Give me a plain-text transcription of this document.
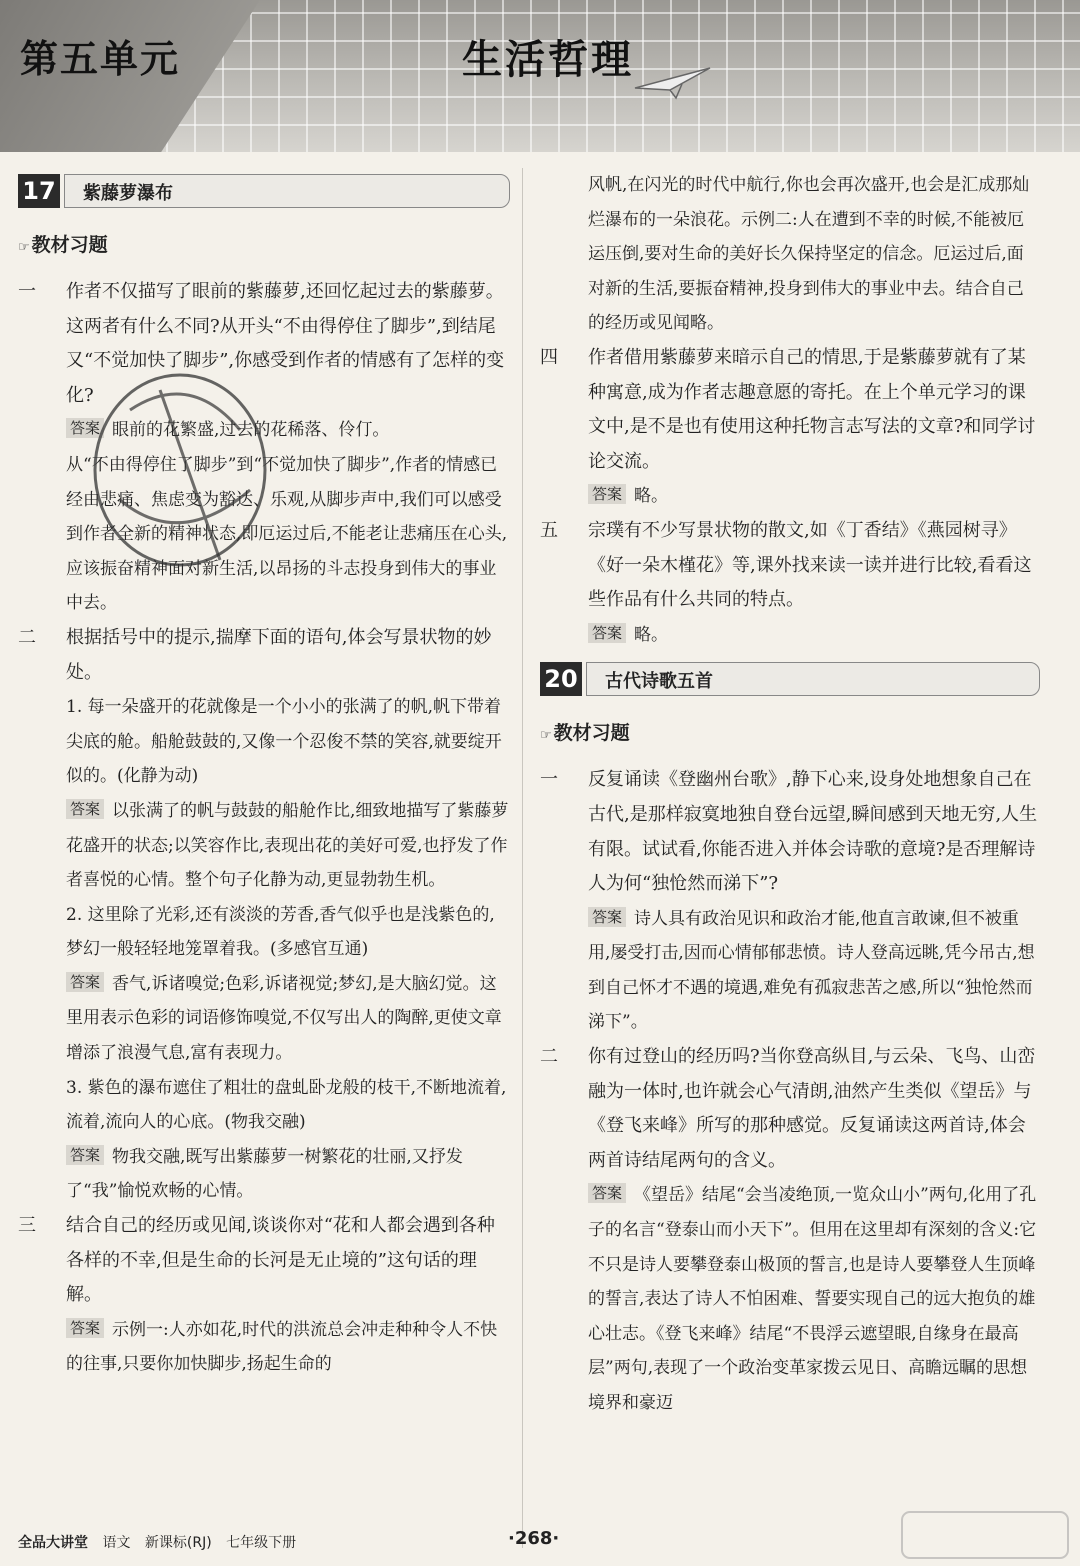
第五单元	生活哲理
17 紫藤萝瀑布
☞ 教材习题
一	作者不仅描写了眼前的紫藤萝,还回忆起过去的紫藤萝。这两者有什么不同?从开头“不由得停住了脚步”,到结尾又“不觉加快了脚步”,你感受到作者的情感有了怎样的变化?
答案 眼前的花繁盛,过去的花稀落、伶仃。
从“不由得停住了脚步”到“不觉加快了脚步”,作者的情感已经由悲痛、焦虑变为豁达、乐观,从脚步声中,我们可以感受到作者全新的精神状态,即厄运过后,不能老让悲痛压在心头,应该振奋精神面对新生活,以昂扬的斗志投身到伟大的事业中去。
二	根据括号中的提示,揣摩下面的语句,体会写景状物的妙处。
1. 每一朵盛开的花就像是一个小小的张满了的帆,帆下带着尖底的舱。船舱鼓鼓的,又像一个忍俊不禁的笑容,就要绽开似的。(化静为动)
答案 以张满了的帆与鼓鼓的船舱作比,细致地描写了紫藤萝花盛开的状态;以笑容作比,表现出花的美好可爱,也抒发了作者喜悦的心情。整个句子化静为动,更显勃勃生机。
2. 这里除了光彩,还有淡淡的芳香,香气似乎也是浅紫色的,梦幻一般轻轻地笼罩着我。(多感官互通)
答案 香气,诉诸嗅觉;色彩,诉诸视觉;梦幻,是大脑幻觉。这里用表示色彩的词语修饰嗅觉,不仅写出人的陶醉,更使文章增添了浪漫气息,富有表现力。
3. 紫色的瀑布遮住了粗壮的盘虬卧龙般的枝干,不断地流着,流着,流向人的心底。(物我交融)
答案 物我交融,既写出紫藤萝一树繁花的壮丽,又抒发了“我”愉悦欢畅的心情。
三	结合自己的经历或见闻,谈谈你对“花和人都会遇到各种各样的不幸,但是生命的长河是无止境的”这句话的理解。
答案 示例一:人亦如花,时代的洪流总会冲走种种令人不快的往事,只要你加快脚步,扬起生命的
风帆,在闪光的时代中航行,你也会再次盛开,也会是汇成那灿烂瀑布的一朵浪花。示例二:人在遭到不幸的时候,不能被厄运压倒,要对生命的美好长久保持坚定的信念。厄运过后,面对新的生活,要振奋精神,投身到伟大的事业中去。结合自己的经历或见闻略。
四	作者借用紫藤萝来暗示自己的情思,于是紫藤萝就有了某种寓意,成为作者志趣意愿的寄托。在上个单元学习的课文中,是不是也有使用这种托物言志写法的文章?和同学讨论交流。
答案 略。
五	宗璞有不少写景状物的散文,如《丁香结》《燕园树寻》《好一朵木槿花》等,课外找来读一读并进行比较,看看这些作品有什么共同的特点。
答案 略。
20 古代诗歌五首
☞ 教材习题
一	反复诵读《登幽州台歌》,静下心来,设身处地想象自己在古代,是那样寂寞地独自登台远望,瞬间感到天地无穷,人生有限。试试看,你能否进入并体会诗歌的意境?是否理解诗人为何“独怆然而涕下”?
答案 诗人具有政治见识和政治才能,他直言敢谏,但不被重用,屡受打击,因而心情郁郁悲愤。诗人登高远眺,凭今吊古,想到自己怀才不遇的境遇,难免有孤寂悲苦之感,所以“独怆然而涕下”。
二	你有过登山的经历吗?当你登高纵目,与云朵、飞鸟、山峦融为一体时,也许就会心气清朗,油然产生类似《望岳》与《登飞来峰》所写的那种感觉。反复诵读这两首诗,体会两首诗结尾两句的含义。
答案 《望岳》结尾“会当凌绝顶,一览众山小”两句,化用了孔子的名言“登泰山而小天下”。但用在这里却有深刻的含义:它不只是诗人要攀登泰山极顶的誓言,也是诗人要攀登人生顶峰的誓言,表达了诗人不怕困难、誓要实现自己的远大抱负的雄心壮志。《登飞来峰》结尾“不畏浮云遮望眼,自缘身在最高层”两句,表现了一个政治变革家拨云见日、高瞻远瞩的思想境界和豪迈
全品大讲堂 语文 新课标(RJ) 七年级下册	·268·
